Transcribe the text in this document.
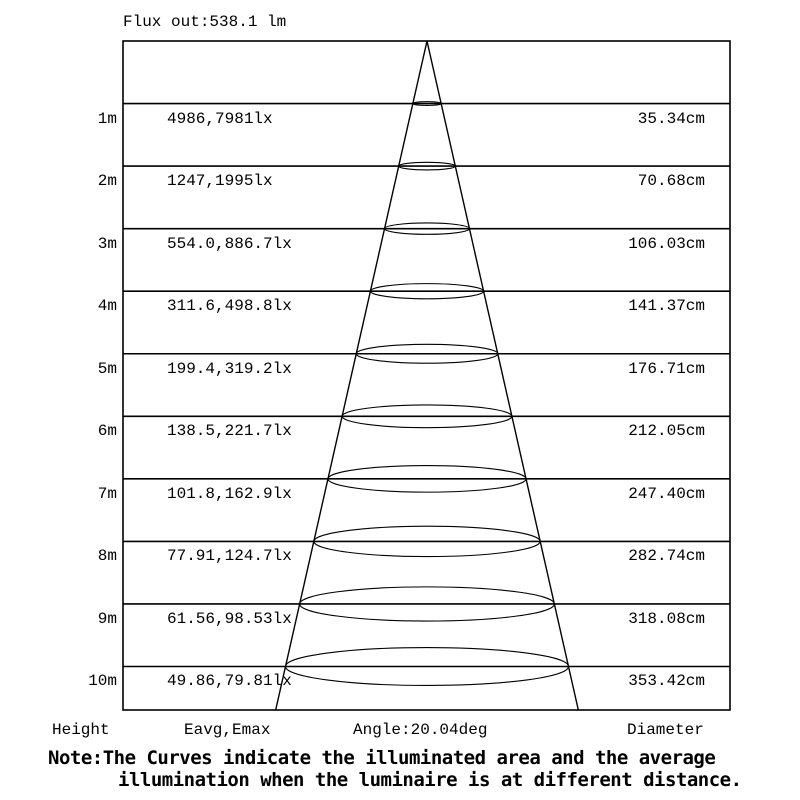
Flux out:538.1 lm
1m	4986,7981lx	35.34cm
2m	1247,1995lx	70.68cm
3m	554.0,886.7lx	106.03cm
4m	311.6,498.8lx	141.37cm
5m	199.4,319.2lx	176.71cm
6m	138.5,221.7lx	212.05cm
7m	101.8,162.9lx	247.40cm
8m	77.91,124.7lx	282.74cm
9m	61.56,98.53lx	318.08cm
10m	49.86,79.81lx	353.42cm
Height	Eavg,Emax	Angle:20.04deg	Diameter
Note:The Curves indicate the illuminated area and the average
illumination when the luminaire is at different distance.
